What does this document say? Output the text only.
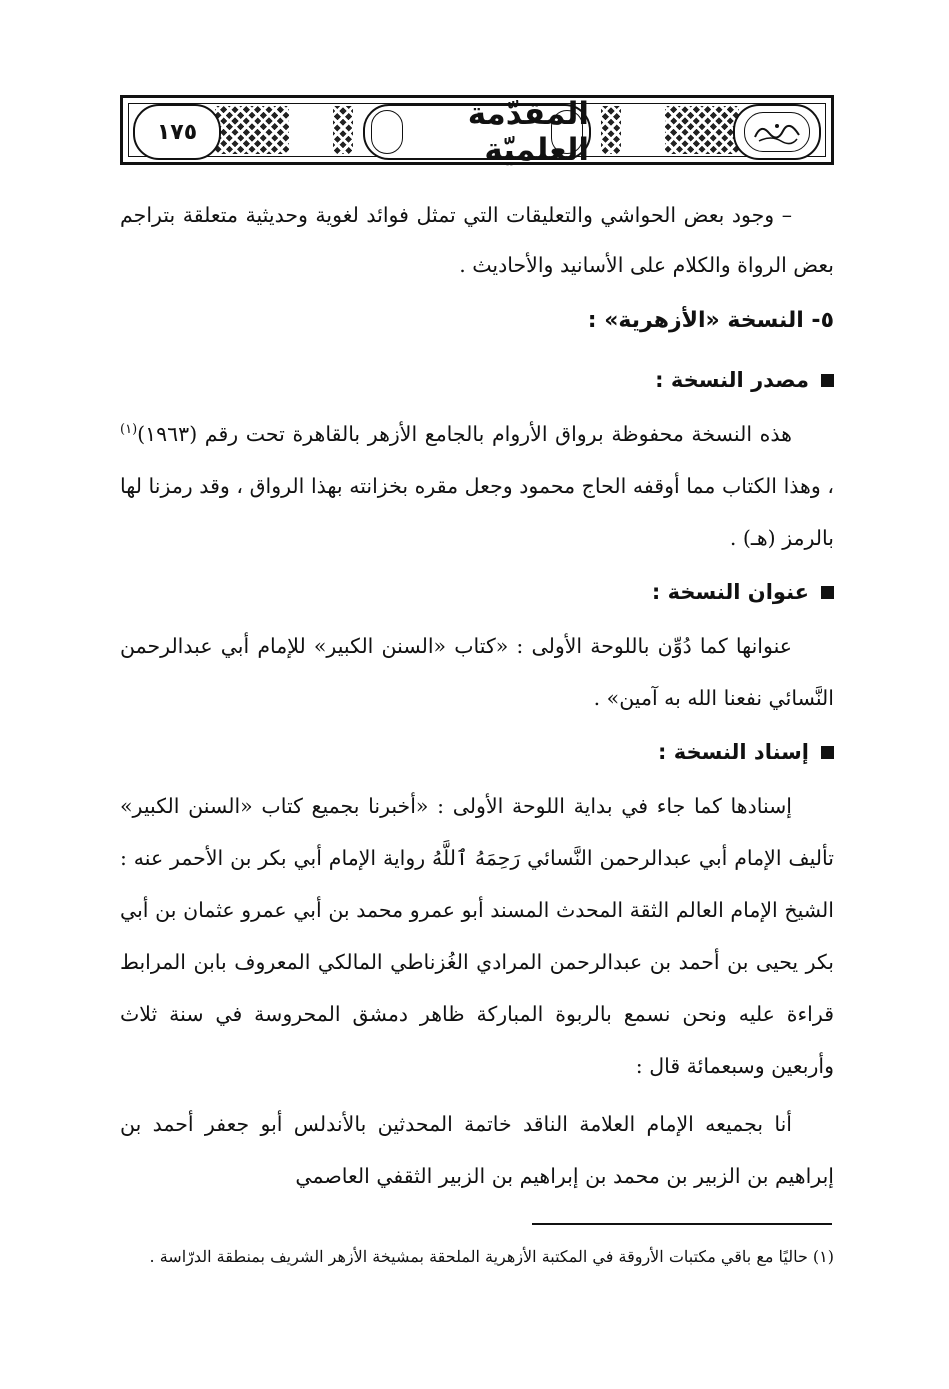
١٧٥	المقدّمة العلميّة

– وجود بعض الحواشي والتعليقات التي تمثل فوائد لغوية وحديثية متعلقة بتراجم بعض الرواة والكلام على الأسانيد والأحاديث .

٥- النسخة «الأزهرية» :
مصدر النسخة :

هذه النسخة محفوظة برواق الأروام بالجامع الأزهر بالقاهرة تحت رقم (١٩٦٣)$^{(١)}$ ، وهذا الكتاب مما أوقفه الحاج محمود وجعل مقره بخزانته بهذا الرواق ، وقد رمزنا لها بالرمز (هـ) .

عنوان النسخة :

عنوانها كما دُوِّن باللوحة الأولى : «كتاب «السنن الكبير» للإمام أبي عبدالرحمن النَّسائي نفعنا الله به آمين» .

إسناد النسخة :

إسنادها كما جاء في بداية اللوحة الأولى : «أخبرنا بجميع كتاب «السنن الكبير» تأليف الإمام أبي عبدالرحمن النَّسائي رَحِمَهُ ٱللَّهُ رواية الإمام أبي بكر بن الأحمر عنه : الشيخ الإمام العالم الثقة المحدث المسند أبو عمرو محمد بن أبي عمرو عثمان بن أبي بكر يحيى بن أحمد بن عبدالرحمن المرادي الغُزناطي المالكي المعروف بابن المرابط قراءة عليه ونحن نسمع بالربوة المباركة ظاهر دمشق المحروسة في سنة ثلاث وأربعين وسبعمائة قال :

أنا بجميعه الإمام العلامة الناقد خاتمة المحدثين بالأندلس أبو جعفر أحمد بن إبراهيم بن الزبير بن محمد بن إبراهيم بن الزبير الثقفي العاصمي

(١) حاليًا مع باقي مكتبات الأروقة في المكتبة الأزهرية الملحقة بمشيخة الأزهر الشريف بمنطقة الدرّاسة .
